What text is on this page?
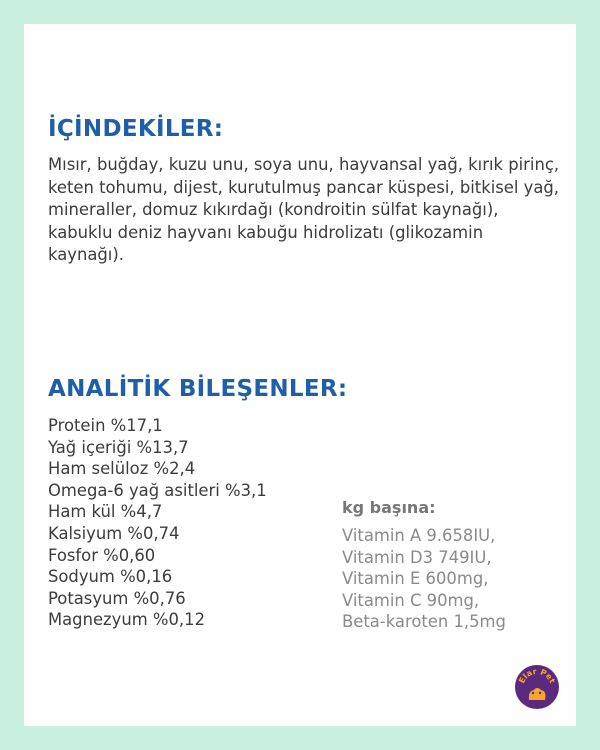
İÇİNDEKİLER:

Mısır, buğday, kuzu unu, soya unu, hayvansal yağ, kırık pirinç, keten tohumu, dijest, kurutulmuş pancar küspesi, bitkisel yağ, mineraller, domuz kıkırdağı (kondroitin sülfat kaynağı), kabuklu deniz hayvanı kabuğu hidrolizatı (glikozamin kaynağı).

ANALİTİK BİLEŞENLER:
Protein %17,1
Yağ içeriği %13,7
Ham selüloz %2,4
Omega-6 yağ asitleri %3,1
Ham kül %4,7
Kalsiyum %0,74
Fosfor %0,60
Sodyum %0,16
Potasyum %0,76
Magnezyum %0,12

kg başına:

Vitamin A 9.658IU,
Vitamin D3 749IU,
Vitamin E 600mg,
Vitamin C 90mg,
Beta-karoten 1,5mg
Elar Pet
